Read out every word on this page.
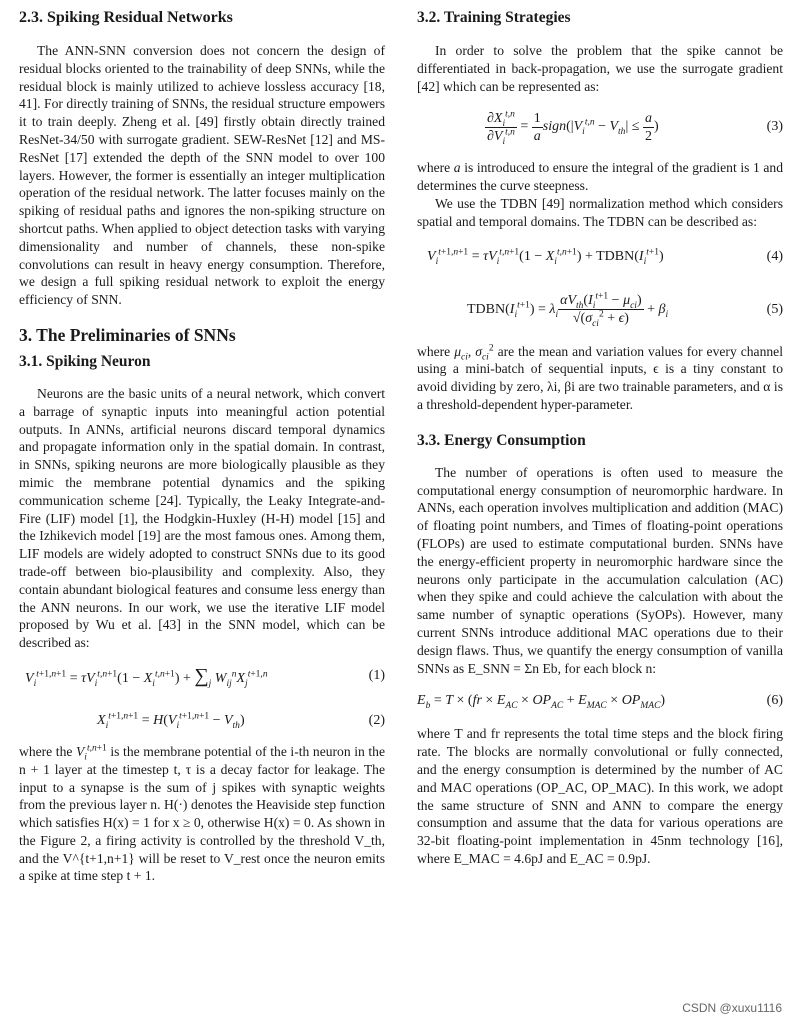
2.3. Spiking Residual Networks

The ANN-SNN conversion does not concern the design of residual blocks oriented to the trainability of deep SNNs, while the residual block is mainly utilized to achieve lossless accuracy [18, 41]. For directly training of SNNs, the residual structure empowers it to train deeply. Zheng et al. [49] firstly obtain directly trained ResNet-34/50 with surrogate gradient. SEW-ResNet [12] and MS-ResNet [17] extended the depth of the SNN model to over 100 layers. However, the former is essentially an integer multiplication operation of the residual network. The latter focuses mainly on the spiking of residual paths and ignores the non-spiking structure on shortcut paths. When applied to object detection tasks with varying dimensionality and number of channels, these non-spike convolutions can result in heavy energy consumption. Therefore, we design a full spiking residual network to exploit the energy efficiency of SNN.

3. The Preliminaries of SNNs
3.1. Spiking Neuron

Neurons are the basic units of a neural network, which convert a barrage of synaptic inputs into meaningful action potential outputs. In ANNs, artificial neurons discard temporal dynamics and propagate information only in the spatial domain. In contrast, in SNNs, spiking neurons are more biologically plausible as they mimic the membrane potential dynamics and the spiking communication scheme [24]. Typically, the Leaky Integrate-and-Fire (LIF) model [1], the Hodgkin-Huxley (H-H) model [15] and the Izhikevich model [19] are the most famous ones. Among them, LIF models are widely adopted to construct SNNs due to its good trade-off between bio-plausibility and complexity. Also, they contain abundant biological features and consume less energy than the ANN neurons. In our work, we use the iterative LIF model proposed by Wu et al. [43] in the SNN model, which can be described as:

$V_i^{t+1,n+1} = \tau V_i^{t,n+1}(1 - X_i^{t,n+1}) + \sum_j$ $W_{ij}^nX_j^{t+1,n}$	(1)
$X_i^{t+1,n+1} = H(V_i^{t+1,n+1} - V_{th})$	(2)

where the $V_i^{t,n+1}$ is the membrane potential of the i-th neuron in the n + 1 layer at the timestep t, τ is a decay factor for leakage. The input to a synapse is the sum of j spikes with synaptic weights from the previous layer n. H(·) denotes the Heaviside step function which satisfies H(x) = 1 for x ≥ 0, otherwise H(x) = 0. As shown in the Figure 2, a firing activity is controlled by the threshold V_th, and the V^{t+1,n+1} will be reset to V_rest once the neuron emits a spike at time step t + 1.

3.2. Training Strategies

In order to solve the problem that the spike cannot be differentiated in back-propagation, we use the surrogate gradient [42] which can be represented as:

$\frac{\partial X_i^{t,n}}{\partial V_i^{t,n}} = \frac{1}{a}$ $sign(|V_i^{t,n} - V_{th}| \le \frac{a}{2}$ )	(3)

where a is introduced to ensure the integral of the gradient is 1 and determines the curve steepness.

We use the TDBN [49] normalization method which considers spatial and temporal domains. The TDBN can be described as:

$V_i^{t+1,n+1} = \tau V_i^{t,n+1}(1 - X_i^{t,n+1})$ + $TDBN(I_i^{t+1})$	(4)
$TDBN(I_i^{t+1}) = \lambda_i \frac{\alpha V_{th}(I_i^{t+1} - \mu_{ci})}{√(\sigma_{ci}^2 + \epsilon)} + \beta_i$	(5)

where $\mu_{ci}$, $\sigma_{ci}^2$ are the mean and variation values for every channel using a mini-batch of sequential inputs, ϵ is a tiny constant to avoid dividing by zero, λi, βi are two trainable parameters, and α is a threshold-dependent hyper-parameter.

3.3. Energy Consumption

The number of operations is often used to measure the computational energy consumption of neuromorphic hardware. In ANNs, each operation involves multiplication and addition (MAC) of floating point numbers, and Times of floating-point operations (FLOPs) are used to estimate computational burden. SNNs have the energy-efficient property in neuromorphic hardware since the neurons only participate in the accumulation calculation (AC) when they spike and could achieve the calculation with about the same number of synaptic operations (SyOPs). However, many current SNNs introduce additional MAC operations due to their design flaws. Thus, we quantify the energy consumption of vanilla SNNs as E_SNN = Σn Eb, for each block n:

$E_b = T \times (fr \times E_{AC} \times OP_{AC} + E_{MAC} \times OP_{MAC})$	(6)

where T and fr represents the total time steps and the block firing rate. The blocks are normally convolutional or fully connected, and the energy consumption is determined by the number of AC and MAC operations (OP_AC, OP_MAC). In this work, we adopt the same structure of SNN and ANN to compare the energy consumption and assume that the data for various operations are 32-bit floating-point implementation in 45nm technology [16], where E_MAC = 4.6pJ and E_AC = 0.9pJ.

CSDN @xuxu1116
